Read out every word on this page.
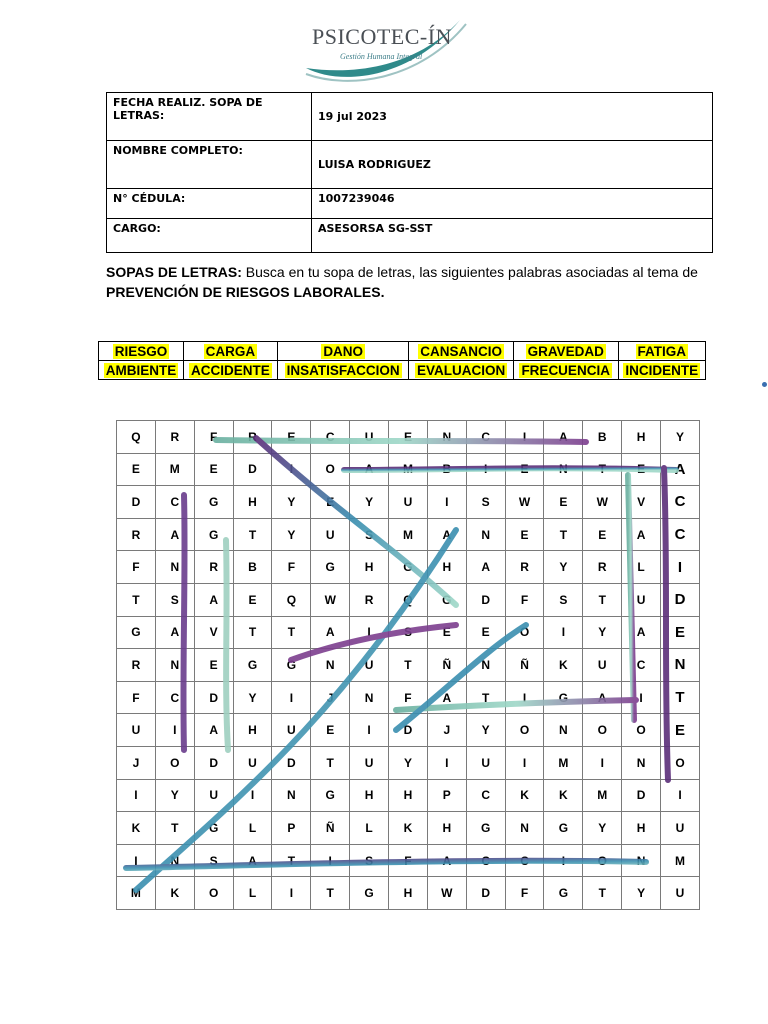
PSICOTEC-ÍN
Gestión Humana Integral
FECHA REALIZ. SOPA DE LETRAS:	19 jul 2023
NOMBRE COMPLETO:	LUISA RODRIGUEZ
N° CÉDULA:	1007239046
CARGO:	ASESORSA SG-SST
SOPAS DE LETRAS: Busca en tu sopa de letras, las siguientes palabras asociadas al tema de PREVENCIÓN DE RIESGOS LABORALES.
RIESGO	CARGA	DANO	CANSANCIO	GRAVEDAD	FATIGA
AMBIENTE	ACCIDENTE	INSATISFACCION	EVALUACION	FRECUENCIA	INCIDENTE
Q	R	F	R	E	C	U	E	N	C	I	A	B	H	Y
E	M	E	D	I	O	A	M	B	I	E	N	T	E	A
D	C	G	H	Y	E	Y	U	I	S	W	E	W	V	C
R	A	G	T	Y	U	S	M	A	N	E	T	E	A	C
F	N	R	B	F	G	H	G	H	A	R	Y	R	L	I
T	S	A	E	Q	W	R	Q	G	D	F	S	T	U	D
G	A	V	T	T	A	I	S	E	E	O	I	Y	A	E
R	N	E	G	G	N	U	T	Ñ	N	Ñ	K	U	C	N
F	C	D	Y	I	J	N	F	A	T	I	G	A	I	T
U	I	A	H	U	E	I	D	J	Y	O	N	O	O	E
J	O	D	U	D	T	U	Y	I	U	I	M	I	N	O
I	Y	U	I	N	G	H	H	P	C	K	K	M	D	I
K	T	G	L	P	Ñ	L	K	H	G	N	G	Y	H	U
I	N	S	A	T	I	S	F	A	C	C	I	O	N	M
M	K	O	L	I	T	G	H	W	D	F	G	T	Y	U
